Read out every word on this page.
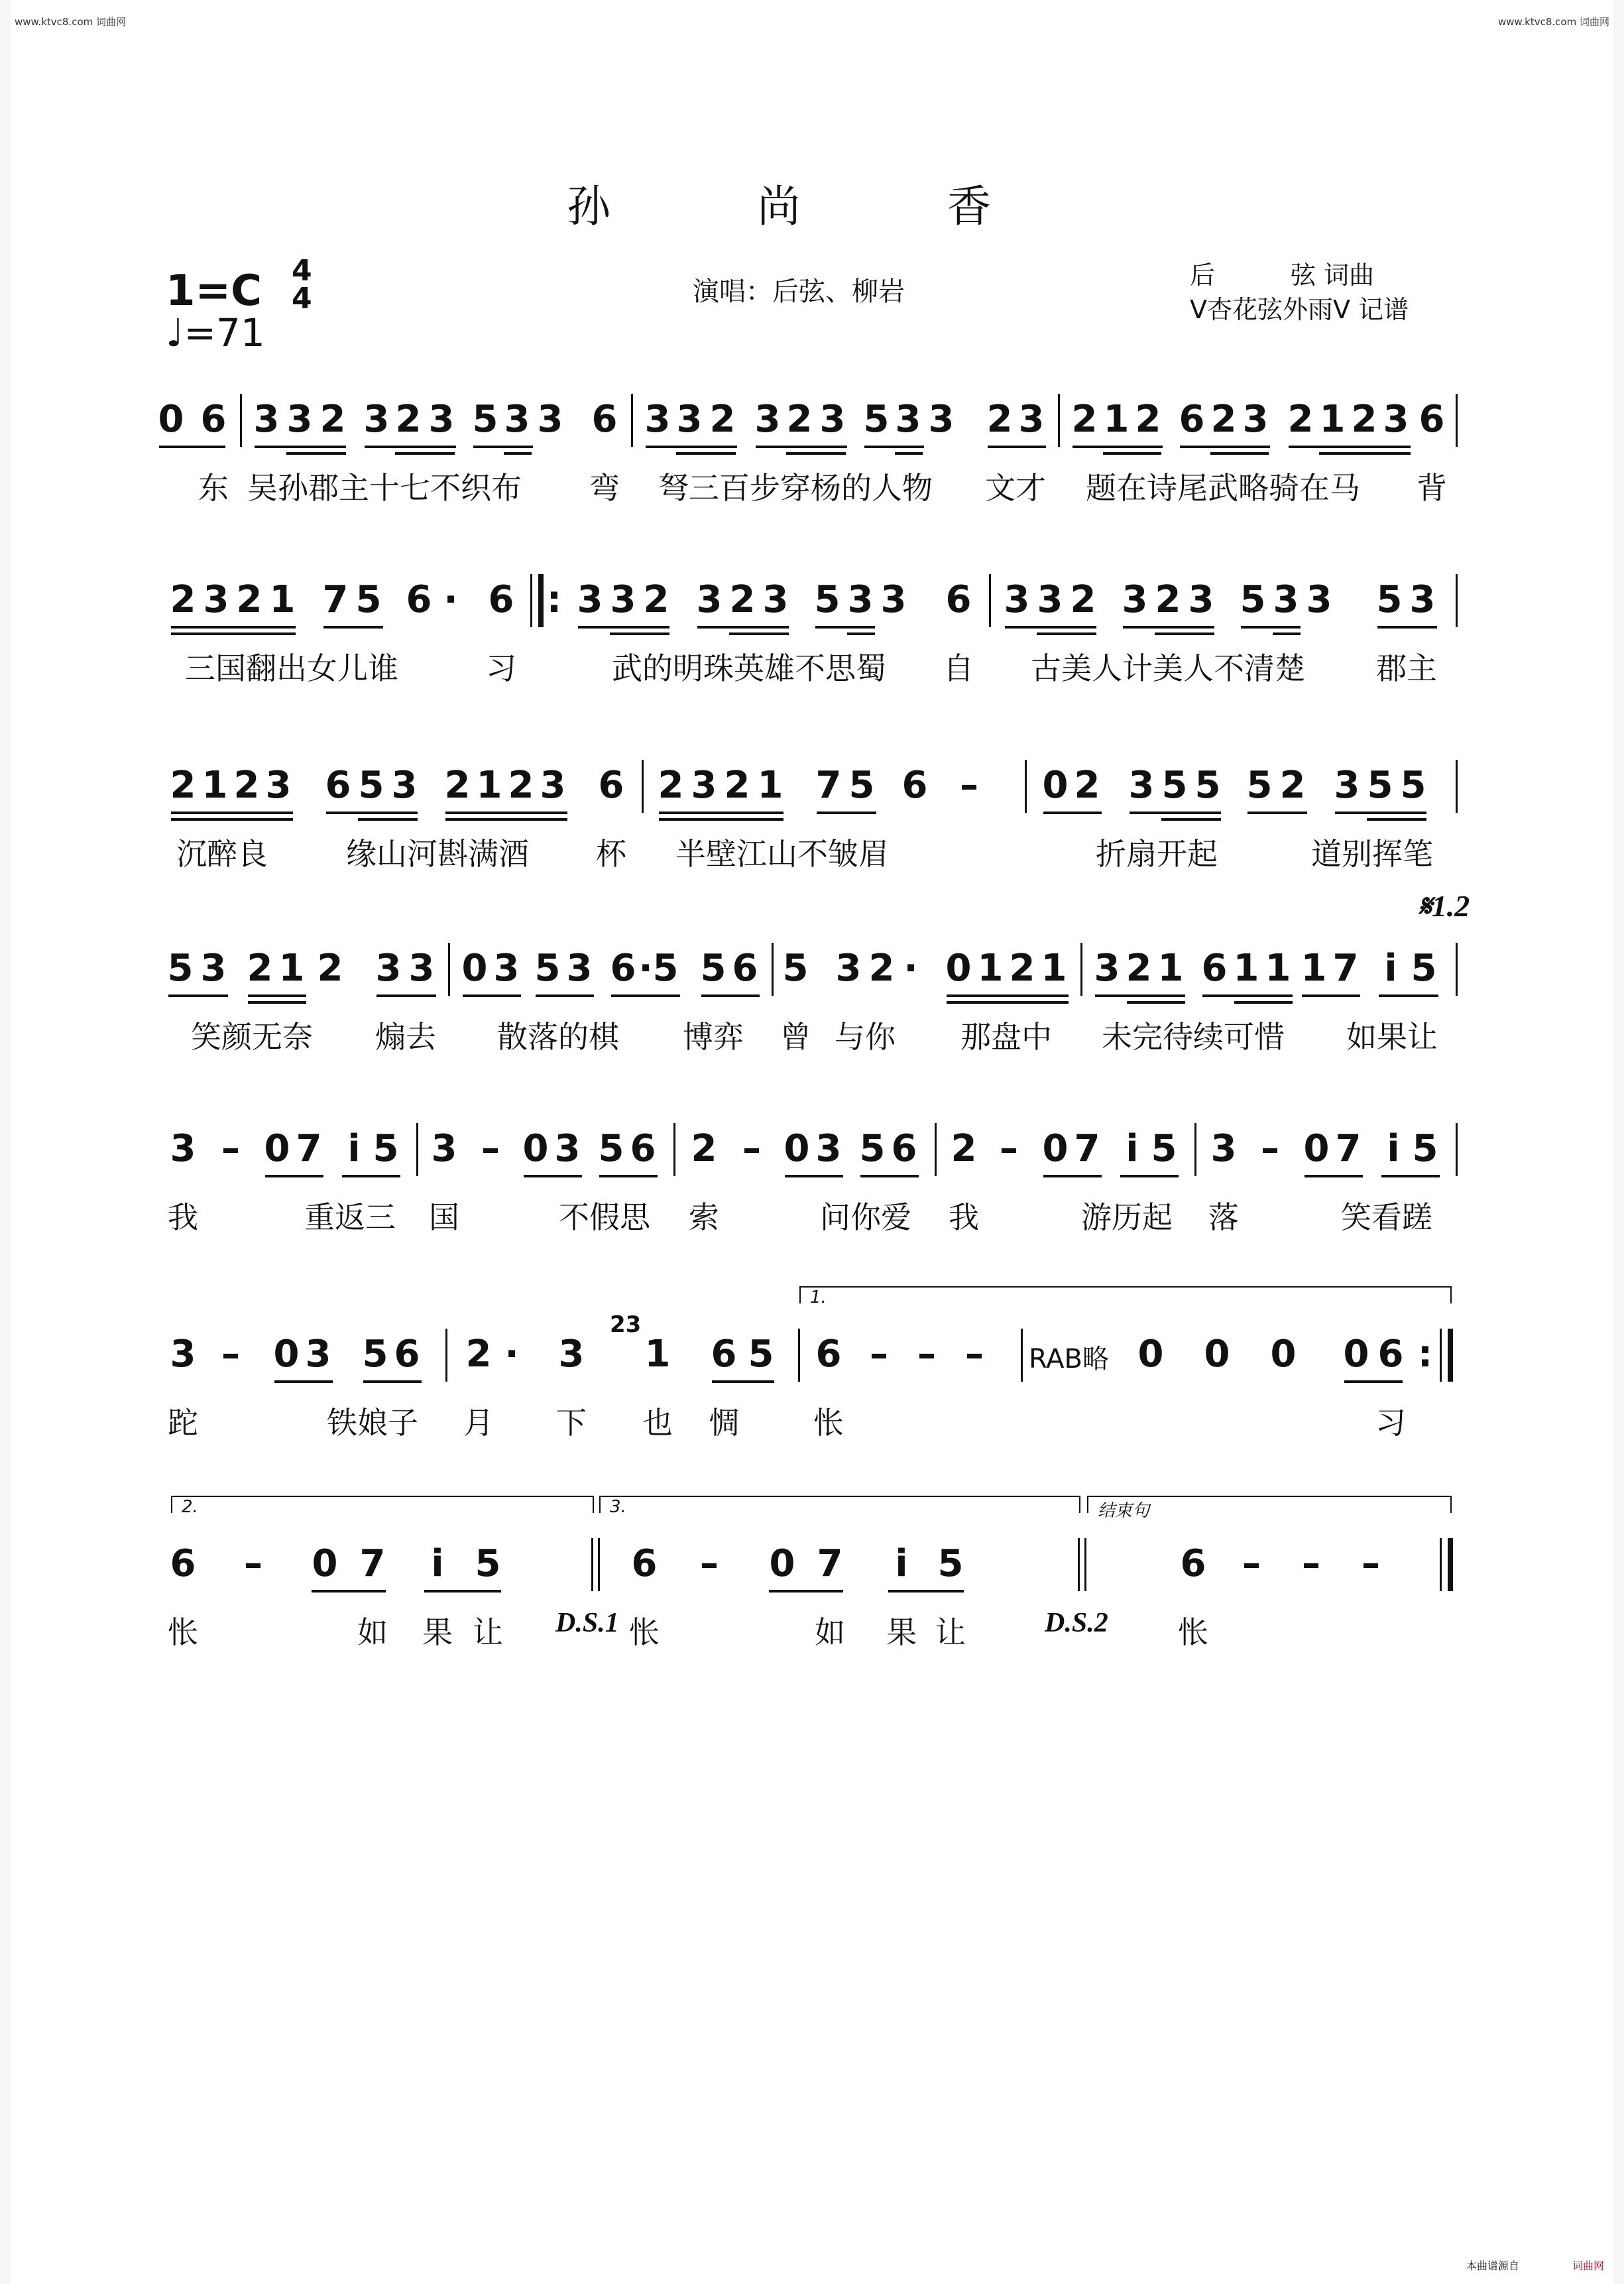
www.ktvc8.com 词曲网	www.ktvc8.com 词曲网
孙 尚 香
1=C 4
4
♩=71
演唱：后弦、柳岩
后　　　弦 词曲
V杏花弦外雨V 记谱
𝄋1.2
0 6 3 3 2 3 2 3 5 3 3 6 3 3 2 3 2 3 5 3 3 2 3 2 1 2 6 2 3 2 1 2 3 6
东 吴孙郡主十七不织布 弯 弩三百步穿杨的人物 文才 题在诗尾武略骑在马 背
2 3 2 1 7 5 6 · 6 : 3 3 2 3 2 3 5 3 3 6 3 3 2 3 2 3 5 3 3 5 3
三国翻出女儿谁	习	武的明珠英雄不思蜀 自 古美人计美人不清楚 郡主
2 1 2 3 6 5 3 2 1 2 3 6 2 3 2 1 7 5 6 – 0 2 3 5 5 5 2 3 5 5
沉醉良	缘山河斟满酒 杯 半壁江山不皱眉	折扇开起	道别挥笔
5 3 2 1 2 3 3 0 3 5 3 6 · 5 5 6 5 3 2 · 0 1 2 1 3 2 1 6 1 1 1 7 i 5
笑颜无奈 煽去 散落的棋 博弈 曾 与你 那盘中 未完待续可惜 如果让
3 – 0 7 i 5 3 – 0 3 5 6 2 – 0 3 5 6 2 – 0 7 i 5 3 – 0 7 i 5
我	重返三 国	不假思 索	问你爱 我	游历起 落	笑看蹉
1.
3 – 0 3 5 6 2 · 3
23
1 6 5 6 – – – RAB略 0 0 0 0 6 :
跎	铁娘子 月 下 也 惆 怅	习
2.	3.	结束句
6 – 0 7 i 5	6 – 0 7 i 5	6 – – –
怅	如 果 让	怅	如 果 让	怅
D.S.1	D.S.2
本曲谱源自	词曲网
